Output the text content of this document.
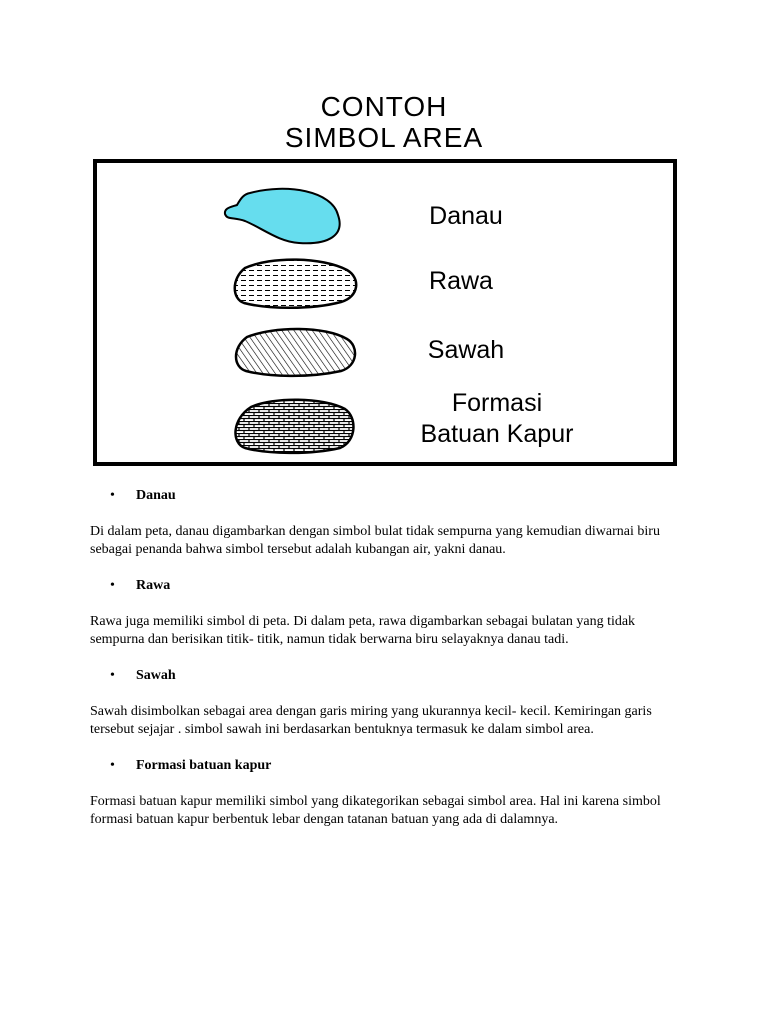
CONTOH
SIMBOL AREA
Danau
Rawa
Sawah
Formasi
Batuan Kapur
• Danau

Di dalam peta, danau digambarkan dengan simbol bulat tidak sempurna yang kemudian diwarnai biru sebagai penanda bahwa simbol tersebut adalah kubangan air, yakni danau.

• Rawa

Rawa juga memiliki simbol di peta. Di dalam peta, rawa digambarkan sebagai bulatan yang tidak sempurna dan berisikan titik- titik, namun tidak berwarna biru selayaknya danau tadi.

• Sawah

Sawah disimbolkan sebagai area dengan garis miring yang ukurannya kecil- kecil. Kemiringan garis tersebut sejajar . simbol sawah ini berdasarkan bentuknya termasuk ke dalam simbol area.

• Formasi batuan kapur

Formasi batuan kapur memiliki simbol yang dikategorikan sebagai simbol area. Hal ini karena simbol formasi batuan kapur berbentuk lebar dengan tatanan batuan yang ada di dalamnya.
